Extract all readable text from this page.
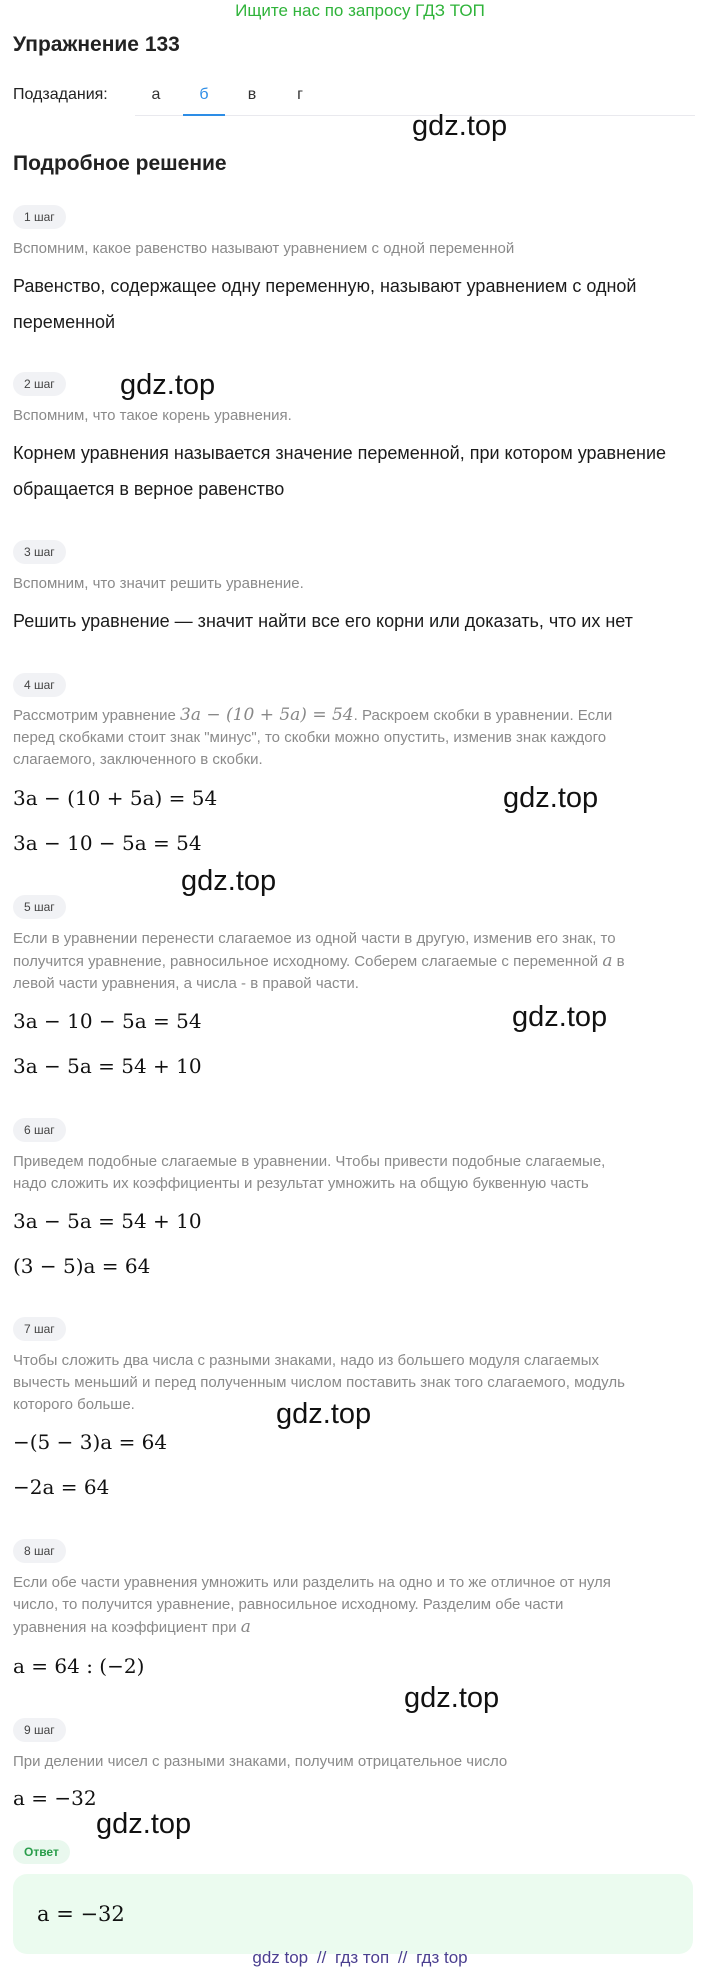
Ищите нас по запросу ГДЗ ТОП
Упражнение 133
Подзадания:	а	б	в	г
gdz.top
gdz.top
gdz.top
gdz.top
gdz.top
gdz.top
gdz.top
gdz.top
Подробное решение
1 шаг
Вспомним, какое равенство называют уравнением с одной переменной
Равенство, содержащее одну переменную, называют уравнением с одной
переменной
2 шаг
Вспомним, что такое корень уравнения.
Корнем уравнения называется значение переменной, при котором уравнение
обращается в верное равенство
3 шаг
Вспомним, что значит решить уравнение.
Решить уравнение — значит найти все его корни или доказать, что их нет
4 шаг
Рассмотрим уравнение 3a − (10 + 5a) = 54. Раскроем скобки в уравнении. Если
перед скобками стоит знак "минус", то скобки можно опустить, изменив знак каждого
слагаемого, заключенного в скобки.
3a − (10 + 5a) = 54
3a − 10 − 5a = 54
5 шаг
Если в уравнении перенести слагаемое из одной части в другую, изменив его знак, то
получится уравнение, равносильное исходному. Соберем слагаемые с переменной a в
левой части уравнения, а числа - в правой части.
3a − 10 − 5a = 54
3a − 5a = 54 + 10
6 шаг
Приведем подобные слагаемые в уравнении. Чтобы привести подобные слагаемые,
надо сложить их коэффициенты и результат умножить на общую буквенную часть
3a − 5a = 54 + 10
(3 − 5)a = 64
7 шаг
Чтобы сложить два числа с разными знаками, надо из большего модуля слагаемых
вычесть меньший и перед полученным числом поставить знак того слагаемого, модуль
которого больше.
−(5 − 3)a = 64
−2a = 64
8 шаг
Если обе части уравнения умножить или разделить на одно и то же отличное от нуля
число, то получится уравнение, равносильное исходному. Разделим обе части
уравнения на коэффициент при a
a = 64 : (−2)
9 шаг
При делении чисел с разными знаками, получим отрицательное число
a = −32
Ответ
a = −32
gdz top // гдз топ // гдз top
